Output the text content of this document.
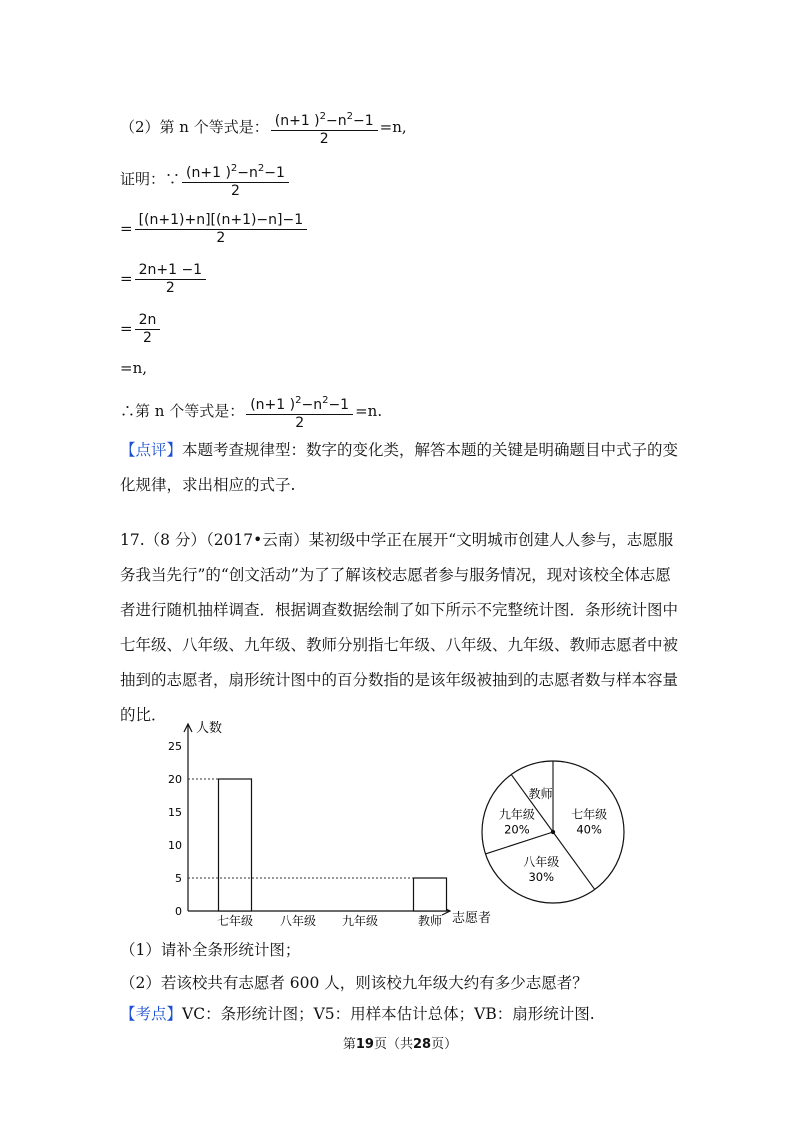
（2）第 n 个等式是： $\frac{(n+1 )^2-n^2-1}{2} =n$,
证明：∵ $\frac{(n+1 )^2-n^2-1}{2}$
= $\frac{[(n+1)+n][(n+1)-n]-1}{2}$
= $\frac{2n+1 -1}{2}$
= $\frac{2n}{2}$
=n,
∴第 n 个等式是： $\frac{(n+1 )^2-n^2-1}{2} =n$.
【点评】本题考查规律型：数字的变化类，解答本题的关键是明确题目中式子的变化规律，求出相应的式子.
17.（8 分）（2017•云南）某初级中学正在展开“文明城市创建人人参与，志愿服务我当先行”的“创文活动”为了了解该校志愿者参与服务情况，现对该校全体志愿者进行随机抽样调查．根据调查数据绘制了如下所示不完整统计图．条形统计图中七年级、八年级、九年级、教师分别指七年级、八年级、九年级、教师志愿者中被抽到的志愿者，扇形统计图中的百分数指的是该年级被抽到的志愿者数与样本容量的比．
0
5
10
15
20
25
七年级 八年级 九年级	教师
人数
志愿者
七年级
40%
八年级
30%
九年级
20%
教师
（1）请补全条形统计图；
（2）若该校共有志愿者 600 人，则该校九年级大约有多少志愿者？
【考点】VC：条形统计图；V5：用样本估计总体；VB：扇形统计图.
第19页（共28页）
